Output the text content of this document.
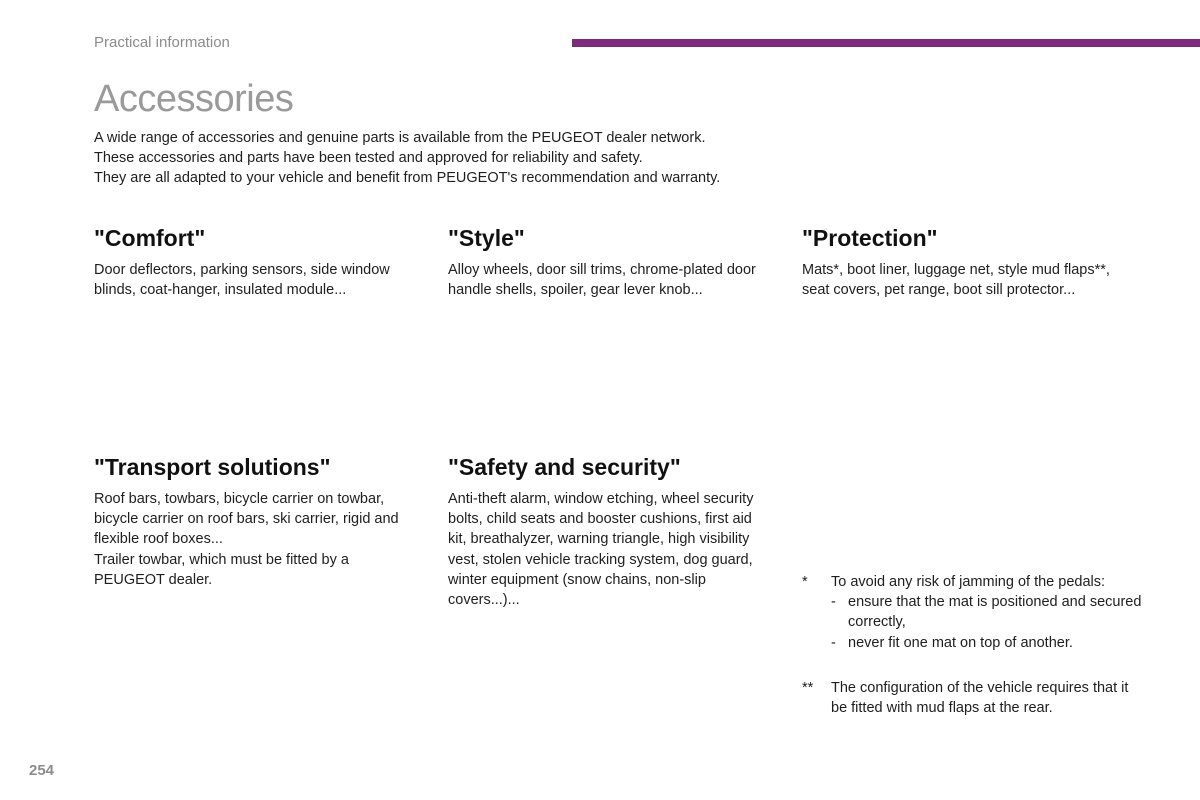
Practical information
Accessories
A wide range of accessories and genuine parts is available from the PEUGEOT dealer network.
These accessories and parts have been tested and approved for reliability and safety.
They are all adapted to your vehicle and benefit from PEUGEOT's recommendation and warranty.
"Comfort"

Door deflectors, parking sensors, side window blinds, coat-hanger, insulated module...

"Style"

Alloy wheels, door sill trims, chrome-plated door handle shells, spoiler, gear lever knob...

"Protection"

Mats*, boot liner, luggage net, style mud flaps**, seat covers, pet range, boot sill protector...

"Transport solutions"

Roof bars, towbars, bicycle carrier on towbar, bicycle carrier on roof bars, ski carrier, rigid and flexible roof boxes...

Trailer towbar, which must be fitted by a PEUGEOT dealer.

"Safety and security"

Anti-theft alarm, window etching, wheel security bolts, child seats and booster cushions, first aid kit, breathalyzer, warning triangle, high visibility vest, stolen vehicle tracking system, dog guard, winter equipment (snow chains, non-slip covers...)...

* To avoid any risk of jamming of the pedals:
- ensure that the mat is positioned and secured correctly,
- never fit one mat on top of another.
** The configuration of the vehicle requires that it be fitted with mud flaps at the rear.
254
